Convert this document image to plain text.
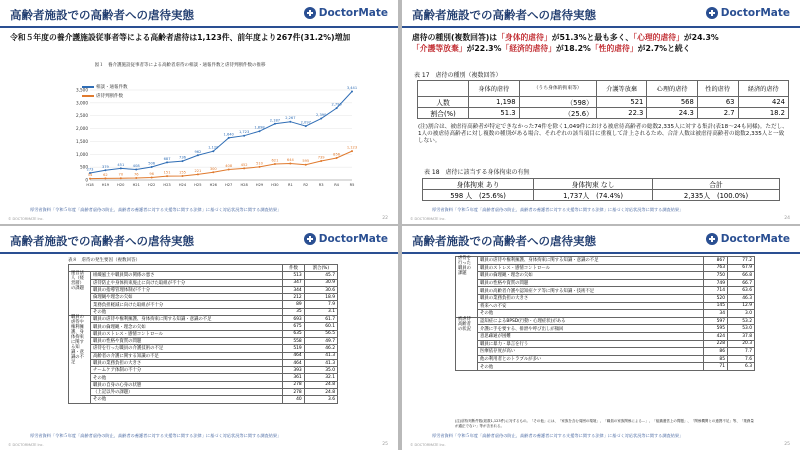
高齢者施設での高齢者への虐待実態	DoctorMate
令和５年度の養介護施設従事者等による高齢者虐待は1,123件、前年度より267件(31.2%)増加
図１　養介護施設従事者等による高齢者虐待の相談・通報件数と虐待判断件数の推移
0
500
1,000
1,500
2,000
2,500
3,000
3,500
H18 H19 H20 H21 H22 H23 H24 H25 H26 H27 H28 H29 H30	R1	R2	R3	R4	R5
273
379 451 408
506
687 736
962
1,120
1,640
1,723
1,898
2,187
2,267
2,097
2,390
2,795
3,441
54	62	70	76	96	151 155 221
300
408 452 510
621 644 595
739
856
1,123
相談・通報件数
虐待判断件数
厚労省資料「令和５年度「高齢者虐待の防止、高齢者の養護者に対する支援等に関する法律」に基づく対応状況等に関する調査結果」
© DOCTORMATE Inc.	22
高齢者施設での高齢者への虐待実態	DoctorMate
虐待の種別(複数回答)は「身体的虐待」が51.3%と最も多く、「心理的虐待」が24.3%
「介護等放棄」が22.3%「経済的虐待」が18.2%「性的虐待」が2.7%と続く
表 17　虐待の種別（複数回答）
	身体的虐待	（うち身体的拘束等）	介護等放棄	心理的虐待	性的虐待	経済的虐待
人数	1,198	（598）	521	568	63	424
割合(%)	51.3	（25.6）	22.3	24.3	2.7	18.2
(注)割合は、被虐待高齢者が特定できなかった74件を除く1,049件における被虐待高齢者の総数2,335人に対する集計(表18～24も同様)。ただし、1人の被虐待高齢者に対し複数の種別がある場合、それぞれの該当項目に重複して計上されるため、合計人数は被虐待高齢者の総数2,335人と一致しない。
表 18　虐待に該当する身体拘束の有無
身体拘束 あり	身体拘束 なし	合計
598 人　(25.6%)	1,737人　(74.4%)	2,335人　(100.0%)
厚労省資料「令和５年度「高齢者虐待の防止、高齢者の養護者に対する支援等に関する法律」に基づく対応状況等に関する調査結果」
© DOCTORMATE Inc.	24
高齢者施設での高齢者への虐待実態	DoctorMate
表８　虐待の発生要因（複数回答）
		件数	割合(%)
運営法人（経営層）の課題	組織風土や職員間の関係の悪さ	513	45.7
	虐待防止や身体拘束廃止に向けた取組が不十分	347	30.9
	職員の指導管理体制が不十分	344	30.6
	倫理観や理念の欠如	212	18.9
	業務負担軽減に向けた取組が不十分	89	7.9
	その他	35	3.1
職員の虐待や権利擁護、身体拘束に関する知識・意識の不足	職員の虐待や権利擁護、身体拘束に関する知識・意識の不足	693	61.7
	職員の倫理観・理念の欠如	675	60.1
	職員のストレス・感情コントロール	635	56.5
	職員の性格や資質の問題	558	49.7
	虐待を行った職員の介護技術の不足	519	46.2
	高齢者の介護に関する知識の不足	464	41.3
	職員の業務負担の大きさ	464	41.3
	チームケア体制の不十分	393	35.0
	その他	361	32.1
	職員の自身の心身の状態	278	24.8
	（上記以外の課題）	278	24.8
	その他	40	3.6
厚労省資料「令和５年度「高齢者虐待の防止、高齢者の養護者に対する支援等に関する法律」に基づく対応状況等に関する調査結果」
© DOCTORMATE Inc.	25
高齢者施設での高齢者への虐待実態	DoctorMate
虐待を行った職員の課題	職員の虐待や権利擁護、身体拘束に関する知識・意識の不足	867	77.2
	職員のストレス・感情コントロール	763	67.9
	職員の倫理観・理念の欠如	750	66.8
	職員の性格や資質の問題	749	66.7
	職員の高齢者介護や認知症ケア等に関する知識・技術不足	714	63.6
	職員の業務負担の大きさ	520	46.3
	将来への不安	145	12.9
	その他	34	3.0
被虐待高齢者の状況	認知症によるBPSD(行動・心理症状)がある	597	53.2
	介護に手を要する、排泄や呼び出しが頻回	595	53.0
	意思疎通が困難	424	37.8
	職員に暴力・暴言を行う	228	20.3
	医療依存度が高い	86	7.7
	他の利用者とのトラブルが多い	85	7.6
	その他	71	6.3
(注)虐待判断件数(総数1,123件)に対するもの。「その他」には、「家族を含む周囲の環境」、「職員の家族関係による…」、「組織運営上の問題」、「関係機関との連携不足」等、「業務量が適正でない」等が含まれる。
厚労省資料「令和５年度「高齢者虐待の防止、高齢者の養護者に対する支援等に関する法律」に基づく対応状況等に関する調査結果」
© DOCTORMATE Inc.	25
